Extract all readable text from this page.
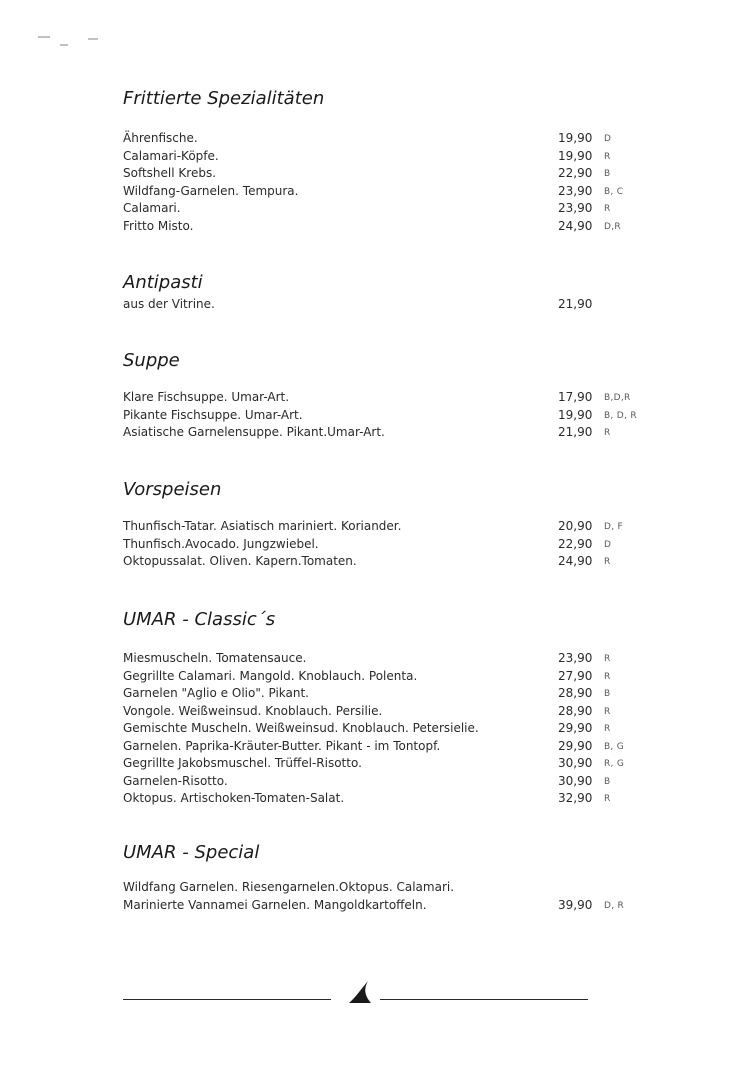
Frittierte Spezialitäten
Ährenfische.	19,90 D
Calamari-Köpfe.	19,90 R
Softshell Krebs.	22,90 B
Wildfang-Garnelen. Tempura.	23,90 B, C
Calamari.	23,90 R
Fritto Misto.	24,90 D,R
Antipasti
aus der Vitrine.	21,90
Suppe
Klare Fischsuppe. Umar-Art.	17,90 B,D,R
Pikante Fischsuppe. Umar-Art.	19,90 B, D, R
Asiatische Garnelensuppe. Pikant.Umar-Art.	21,90 R
Vorspeisen
Thunfisch-Tatar. Asiatisch mariniert. Koriander.	20,90 D, F
Thunfisch.Avocado. Jungzwiebel.	22,90 D
Oktopussalat. Oliven. Kapern.Tomaten.	24,90 R
UMAR - Classic´s
Miesmuscheln. Tomatensauce.	23,90 R
Gegrillte Calamari. Mangold. Knoblauch. Polenta.	27,90 R
Garnelen "Aglio e Olio". Pikant.	28,90 B
Vongole. Weißweinsud. Knoblauch. Persilie.	28,90 R
Gemischte Muscheln. Weißweinsud. Knoblauch. Petersielie.	29,90 R
Garnelen. Paprika-Kräuter-Butter. Pikant - im Tontopf.	29,90 B, G
Gegrillte Jakobsmuschel. Trüffel-Risotto.	30,90 R, G
Garnelen-Risotto.	30,90 B
Oktopus. Artischoken-Tomaten-Salat.	32,90 R
UMAR - Special
Wildfang Garnelen. Riesengarnelen.Oktopus. Calamari.
Marinierte Vannamei Garnelen. Mangoldkartoffeln.	39,90 D, R
